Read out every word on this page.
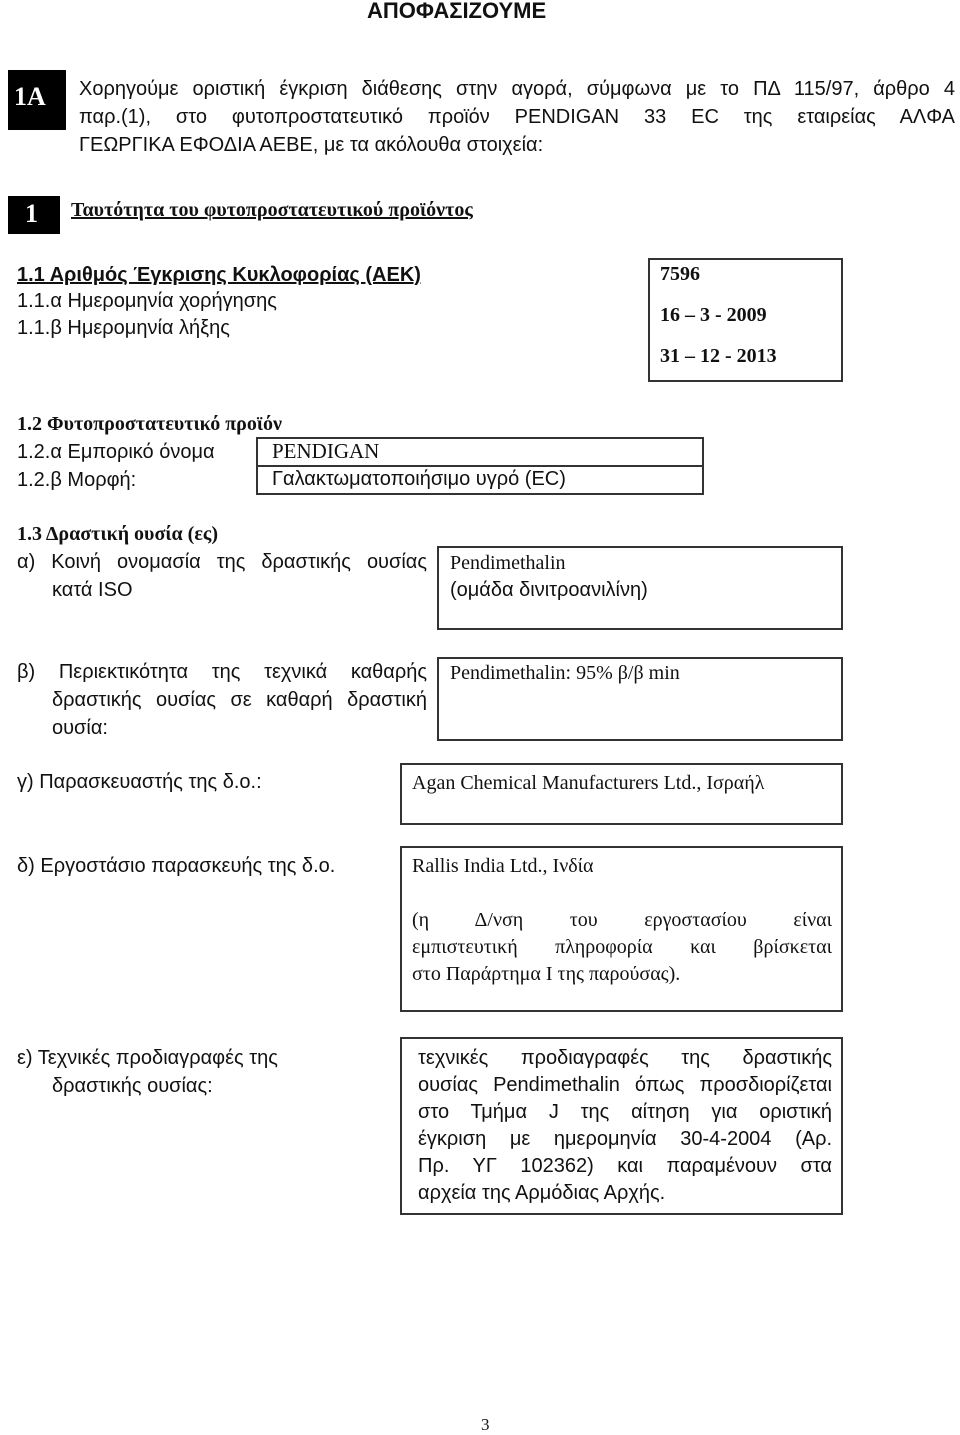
ΑΠΟΦΑΣΙΖΟΥΜΕ
1Α Χορηγούμε οριστική έγκριση διάθεσης στην αγορά, σύμφωνα με το ΠΔ 115/97, άρθρο 4
παρ.(1), στο φυτοπροστατευτικό προϊόν PENDIGAN 33 EC της εταιρείας ΑΛΦΑ
ΓΕΩΡΓΙΚΑ ΕΦΟΔΙΑ ΑΕΒΕ, με τα ακόλουθα στοιχεία:
1 Ταυτότητα του φυτοπροστατευτικού προϊόντος
1.1 Αριθμός Έγκρισης Κυκλοφορίας (ΑΕΚ)
1.1.α Ημερομηνία χορήγησης
1.1.β Ημερομηνία λήξης
7596
16 – 3 - 2009
31 – 12 - 2013
1.2 Φυτοπροστατευτικό προϊόν
1.2.α Εμπορικό όνομα
1.2.β Μορφή:
PENDIGAN
Γαλακτωματοποιήσιμο υγρό (EC)
1.3 Δραστική ουσία (ες)
α) Κοινή ονομασία της δραστικής ουσίας
κατά ISO
Pendimethalin
(ομάδα δινιτροανιλίνη)
β) Περιεκτικότητα της τεχνικά καθαρής
δραστικής ουσίας σε καθαρή δραστική
ουσία:
Pendimethalin: 95% β/β min
γ) Παρασκευαστής της δ.ο.:	Agan Chemical Manufacturers Ltd., Ισραήλ
δ) Εργοστάσιο παρασκευής της δ.ο.	Rallis India Ltd., Ινδία
(η Δ/νση του εργοστασίου είναι
εμπιστευτική πληροφορία και βρίσκεται
στο Παράρτημα Ι της παρούσας).
ε) Τεχνικές προδιαγραφές της
δραστικής ουσίας:
τεχνικές προδιαγραφές της δραστικής
ουσίας Pendimethalin όπως προσδιορίζεται
στο Τμήμα J της αίτηση για οριστική
έγκριση με ημερομηνία 30-4-2004 (Αρ.
Πρ. ΥΓ 102362) και παραμένουν στα
αρχεία της Αρμόδιας Αρχής.
3
